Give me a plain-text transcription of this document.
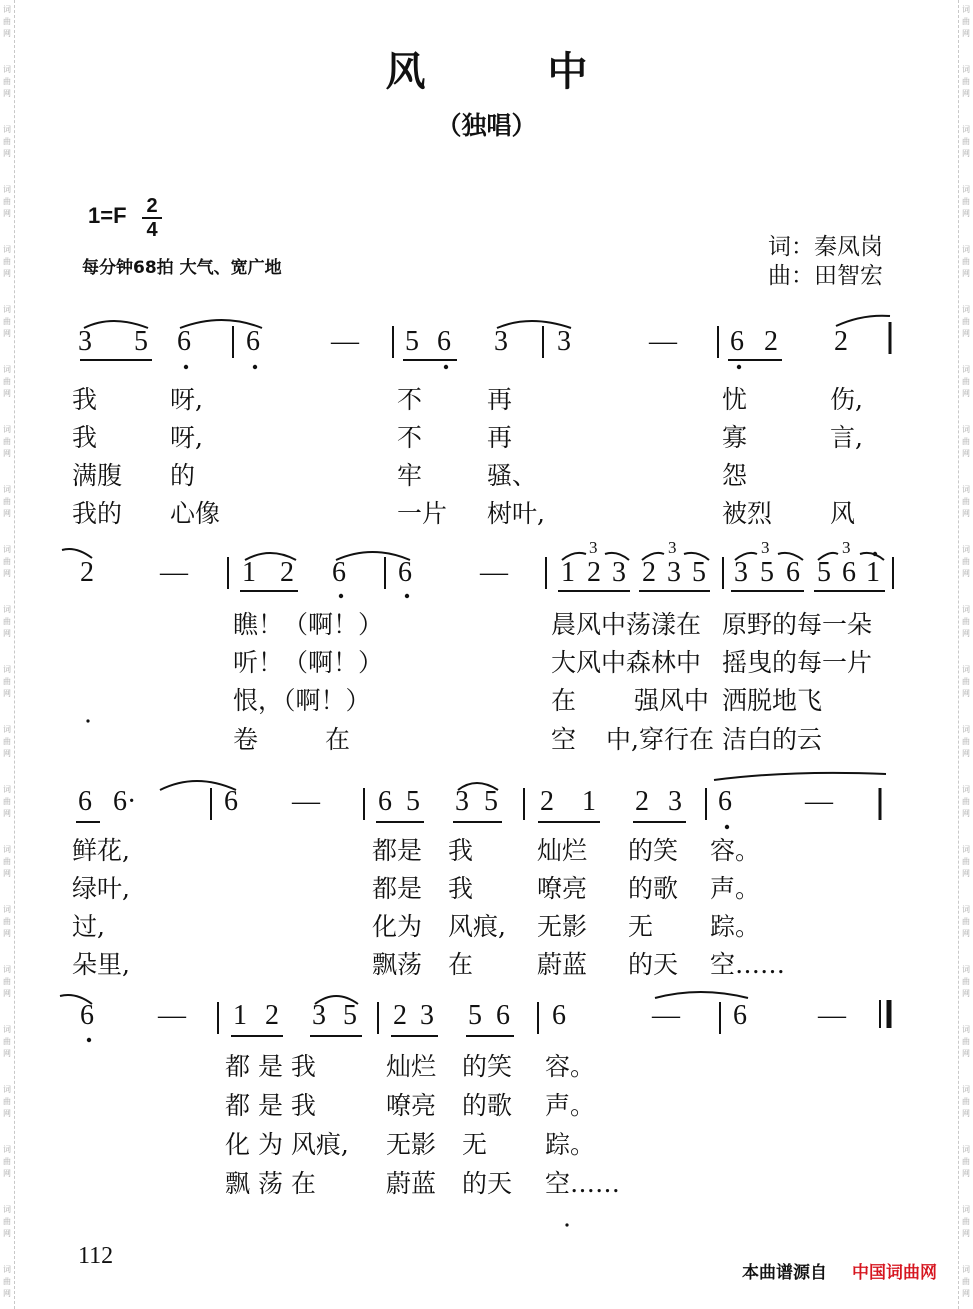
词
曲
网
词
曲
网
词
曲
网
词
曲
网
词
曲
网
词
曲
网
词
曲
网
词
曲
网
词
曲
网
词
曲
网
词
曲
网
词
曲
网
词
曲
网
词
曲
网
词
曲
网
词
曲
网
词
曲
网
词
曲
网
词
曲
网
词
曲
网
词
曲
网
词
曲
网
词
曲
网
词
曲
网
词
曲
网
词
曲
网
词
曲
网
词
曲
网
词
曲
网
词
曲
网
词
曲
网
词
曲
网
词
曲
网
词
曲
网
词
曲
网
词
曲
网
词
曲
网
词
曲
网
词
曲
网
词
曲
网
词
曲
网
词
曲
网
词
曲
网
词
曲
网
风 中
（独唱）
1=F 2
4
每分钟68拍 大气、宽广地
词：秦凤岗
曲：田智宏
3 5 6 6	— 5 6 3 3	— 6 2 2
我	呀,	不	再	忧	伤,
我	呀,	不	再	寡	言,
满腹 的	牢	骚、	怨
我的 心像	一片 树叶,	被烈 风
2 — 1 2 6 6 — 1 2 3 2 3 5 3 5 6 5 6 1
3	3	3	3
瞧！（啊！）	晨风中荡漾在 原野的每一朵
听！（啊！）	大风中森林中 摇曳的每一片
恨，（啊！）	在 强风中 洒脱地飞
卷	在	空 中,穿行在 洁白的云
6 6·	6 — 6 5 3 5 2 1 2 3 6	—
鲜花,	都是 我	灿烂 的笑 容。
绿叶,	都是 我	嘹亮 的歌 声。
过,	化为 风痕, 无影 无 踪。
朵里,	飘荡 在	蔚蓝 的天 空……
6 — 1 2 3 5 2 3 5 6 6	— 6	—
都 是 我	灿烂 的笑 容。
都 是 我	嘹亮 的歌 声。
化 为 风痕, 无影 无 踪。
飘 荡 在	蔚蓝 的天 空……
112
本曲谱源自 中国词曲网
